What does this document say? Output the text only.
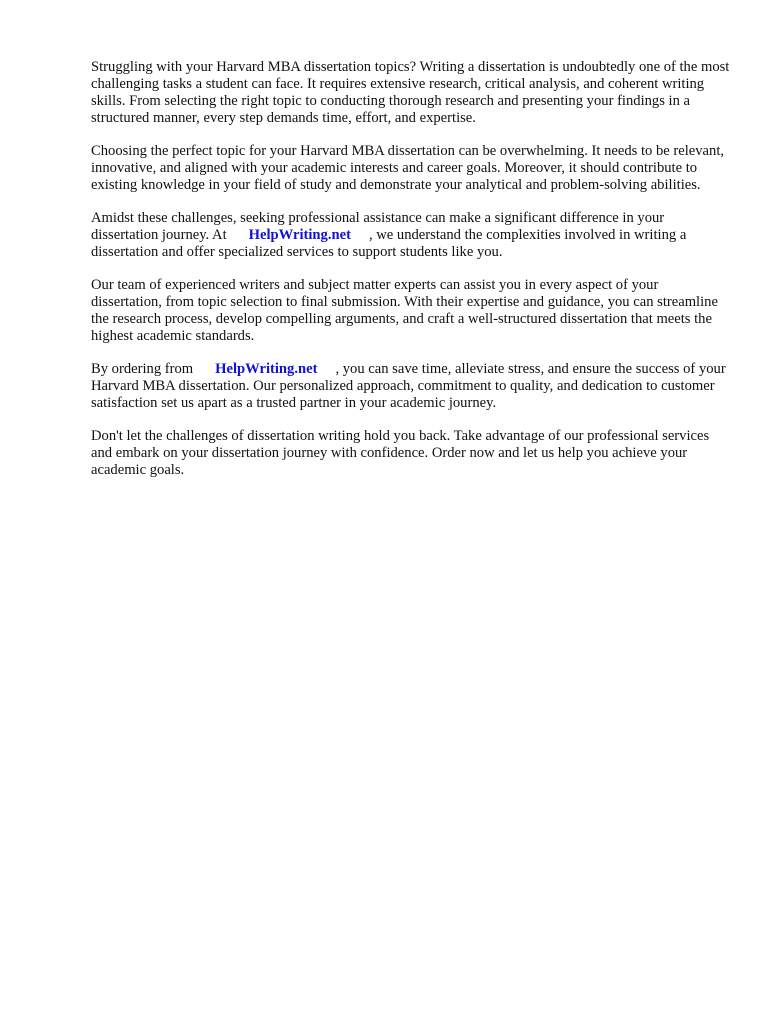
Struggling with your Harvard MBA dissertation topics? Writing a dissertation is undoubtedly one of the most challenging tasks a student can face. It requires extensive research, critical analysis, and coherent writing skills. From selecting the right topic to conducting thorough research and presenting your findings in a structured manner, every step demands time, effort, and expertise.

Choosing the perfect topic for your Harvard MBA dissertation can be overwhelming. It needs to be relevant, innovative, and aligned with your academic interests and career goals. Moreover, it should contribute to existing knowledge in your field of study and demonstrate your analytical and problem-solving abilities.

Amidst these challenges, seeking professional assistance can make a significant difference in your dissertation journey. At HelpWriting.net , we understand the complexities involved in writing a dissertation and offer specialized services to support students like you.

Our team of experienced writers and subject matter experts can assist you in every aspect of your dissertation, from topic selection to final submission. With their expertise and guidance, you can streamline the research process, develop compelling arguments, and craft a well-structured dissertation that meets the highest academic standards.

By ordering from HelpWriting.net , you can save time, alleviate stress, and ensure the success of your Harvard MBA dissertation. Our personalized approach, commitment to quality, and dedication to customer satisfaction set us apart as a trusted partner in your academic journey.

Don't let the challenges of dissertation writing hold you back. Take advantage of our professional services and embark on your dissertation journey with confidence. Order now and let us help you achieve your academic goals.
